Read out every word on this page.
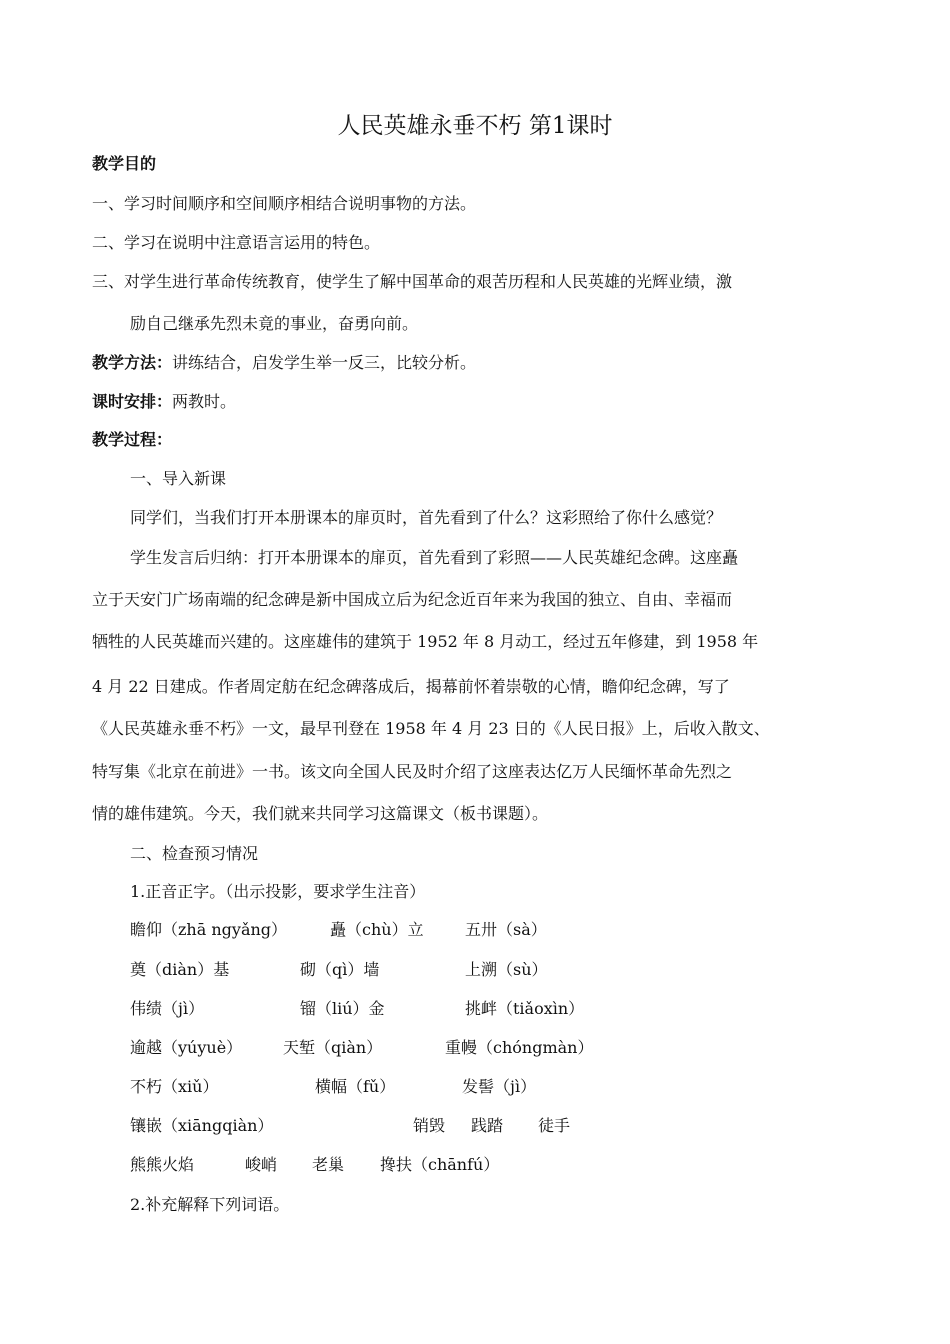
人民英雄永垂不朽 第1课时
教学目的
一、学习时间顺序和空间顺序相结合说明事物的方法。
二、学习在说明中注意语言运用的特色。
三、对学生进行革命传统教育，使学生了解中国革命的艰苦历程和人民英雄的光辉业绩，激
励自己继承先烈未竟的事业，奋勇向前。
教学方法：讲练结合，启发学生举一反三，比较分析。
课时安排：两教时。
教学过程：
一、导入新课
同学们，当我们打开本册课本的扉页时，首先看到了什么？这彩照给了你什么感觉？
学生发言后归纳：打开本册课本的扉页，首先看到了彩照——人民英雄纪念碑。这座矗
立于天安门广场南端的纪念碑是新中国成立后为纪念近百年来为我国的独立、自由、幸福而
牺牲的人民英雄而兴建的。这座雄伟的建筑于 1952 年 8 月动工，经过五年修建，到 1958 年
4 月 22 日建成。作者周定舫在纪念碑落成后，揭幕前怀着崇敬的心情，瞻仰纪念碑，写了
《人民英雄永垂不朽》一文，最早刊登在 1958 年 4 月 23 日的《人民日报》上，后收入散文、
特写集《北京在前进》一书。该文向全国人民及时介绍了这座表达亿万人民缅怀革命先烈之
情的雄伟建筑。今天，我们就来共同学习这篇课文（板书课题）。
二、检查预习情况
1.正音正字。（出示投影，要求学生注音）
瞻仰（zhā ngyǎng）	矗（chù）立	五卅（sà）
奠（diàn）基	砌（qì）墙	上溯（sù）
伟绩（jì）	镏（liú）金	挑衅（tiǎoxìn）
逾越（yúyuè）	天堑（qiàn）	重幔（chóngmàn）
不朽（xiǔ）	横幅（fǔ）	发髻（jì）
镶嵌（xiāngqiàn）	销毁 践踏 徒手
熊熊火焰	峻峭 老巢 搀扶（chānfú）
2.补充解释下列词语。
